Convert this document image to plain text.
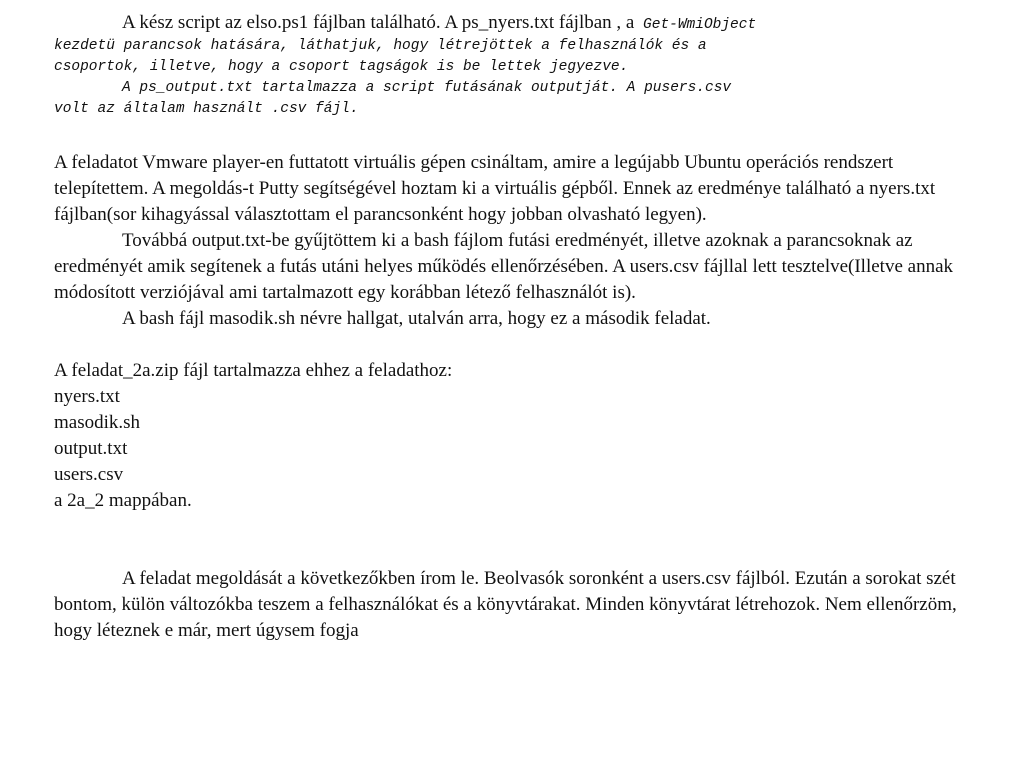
A kész script az elso.ps1 fájlban található. A ps_nyers.txt fájlban , a Get-WmiObject

kezdetü parancsok hatására, láthatjuk, hogy létrejöttek a felhasználók és a

csoportok, illetve, hogy a csoport tagságok is be lettek jegyezve.

A ps_output.txt tartalmazza a script futásának outputját. A pusers.csv

volt az általam használt .csv fájl.

A feladatot Vmware player-en futtatott virtuális gépen csináltam, amire a legújabb Ubuntu operációs rendszert telepítettem. A megoldás-t Putty segítségével hoztam ki a virtuális gépből. Ennek az eredménye található a nyers.txt fájlban(sor kihagyással választottam el parancsonként hogy jobban olvasható legyen).

Továbbá output.txt-be gyűjtöttem ki a bash fájlom futási eredményét, illetve azoknak a parancsoknak az eredményét amik segítenek a futás utáni helyes működés ellenőrzésében. A users.csv fájllal lett tesztelve(Illetve annak módosított verziójával ami tartalmazott egy korábban létező felhasználót is).

A bash fájl masodik.sh névre hallgat, utalván arra, hogy ez a második feladat.

A feladat_2a.zip fájl tartalmazza ehhez a feladathoz:

nyers.txt
masodik.sh
output.txt
users.csv

a 2a_2 mappában.

A feladat megoldását a következőkben írom le. Beolvasók soronként a users.csv fájlból. Ezután a sorokat szét bontom, külön változókba teszem a felhasználókat és a könyvtárakat. Minden könyvtárat létrehozok. Nem ellenőrzöm, hogy léteznek e már, mert úgysem fogja
